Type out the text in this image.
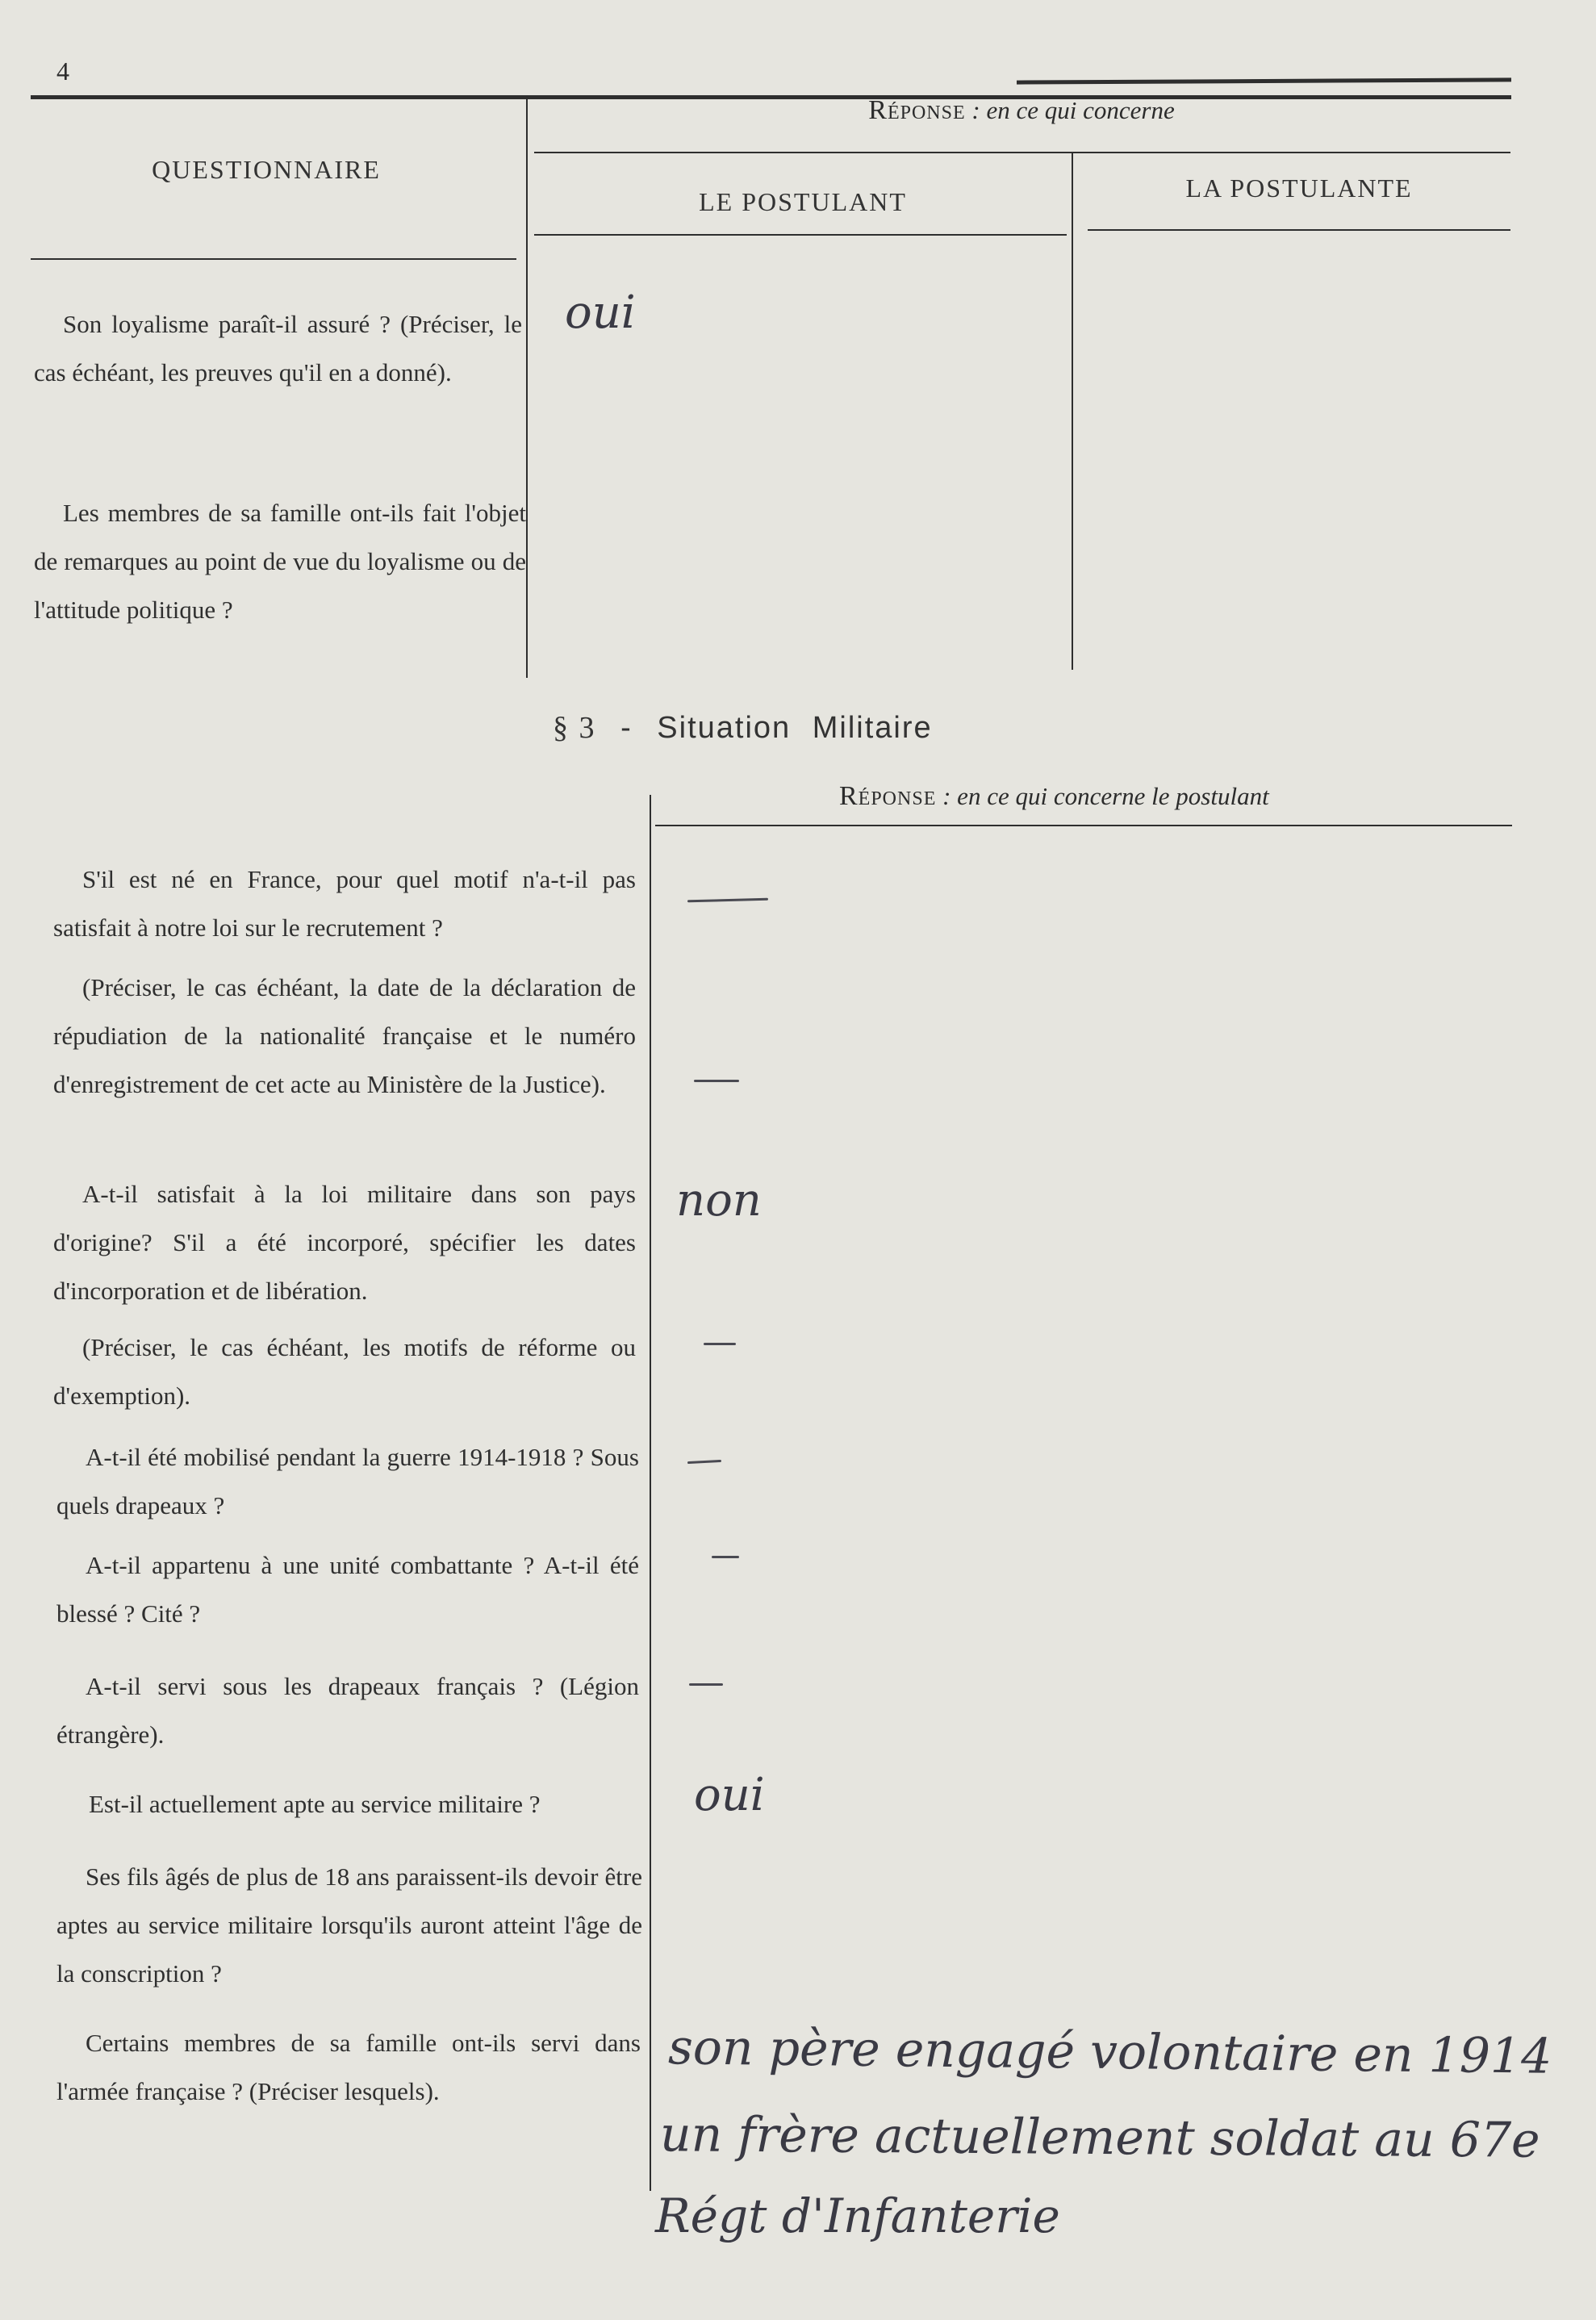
4
QUESTIONNAIRE
Réponse : en ce qui concerne
LE POSTULANT	LA POSTULANTE
Son loyalisme paraît-il assuré ? (Préciser, le cas échéant, les preuves qu'il en a donné).
oui
Les membres de sa famille ont-ils fait l'objet de remarques au point de vue du loyalisme ou de l'attitude politique ?
§ 3 - Situation Militaire
Réponse : en ce qui concerne le postulant
S'il est né en France, pour quel motif n'a-t-il pas satisfait à notre loi sur le recrutement ?
(Préciser, le cas échéant, la date de la déclaration de répudiation de la nationalité française et le numéro d'enregistrement de cet acte au Ministère de la Justice).
A-t-il satisfait à la loi militaire dans son pays d'origine? S'il a été incorporé, spécifier les dates d'incorporation et de libération.
(Préciser, le cas échéant, les motifs de réforme ou d'exemption).
A-t-il été mobilisé pendant la guerre 1914-1918 ? Sous quels drapeaux ?
A-t-il appartenu à une unité combattante ? A-t-il été blessé ? Cité ?
A-t-il servi sous les drapeaux français ? (Légion étrangère).
Est-il actuellement apte au service militaire ?
Ses fils âgés de plus de 18 ans paraissent-ils devoir être aptes au service militaire lorsqu'ils auront atteint l'âge de la conscription ?
Certains membres de sa famille ont-ils servi dans l'armée française ? (Préciser lesquels).
non
oui
son père engagé volontaire en 1914
un frère actuellement soldat au 67e
Régt d'Infanterie
